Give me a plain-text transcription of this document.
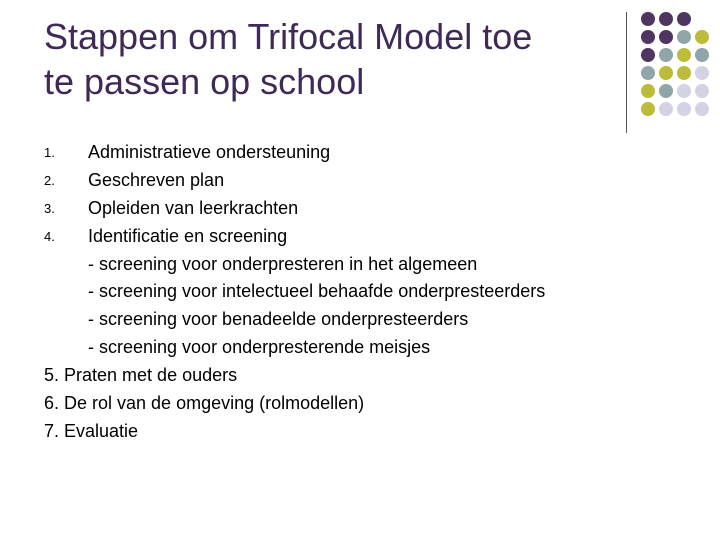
Stappen om Trifocal Model toe
te passen op school
1. Administratieve ondersteuning
2. Geschreven plan
3. Opleiden van leerkrachten
4. Identificatie en screening
- screening voor onderpresteren in het algemeen
- screening voor intelectueel behaafde onderpresteerders
- screening voor benadeelde onderpresteerders
- screening voor onderpresterende meisjes
5. Praten met de ouders
6. De rol van de omgeving (rolmodellen)
7. Evaluatie
